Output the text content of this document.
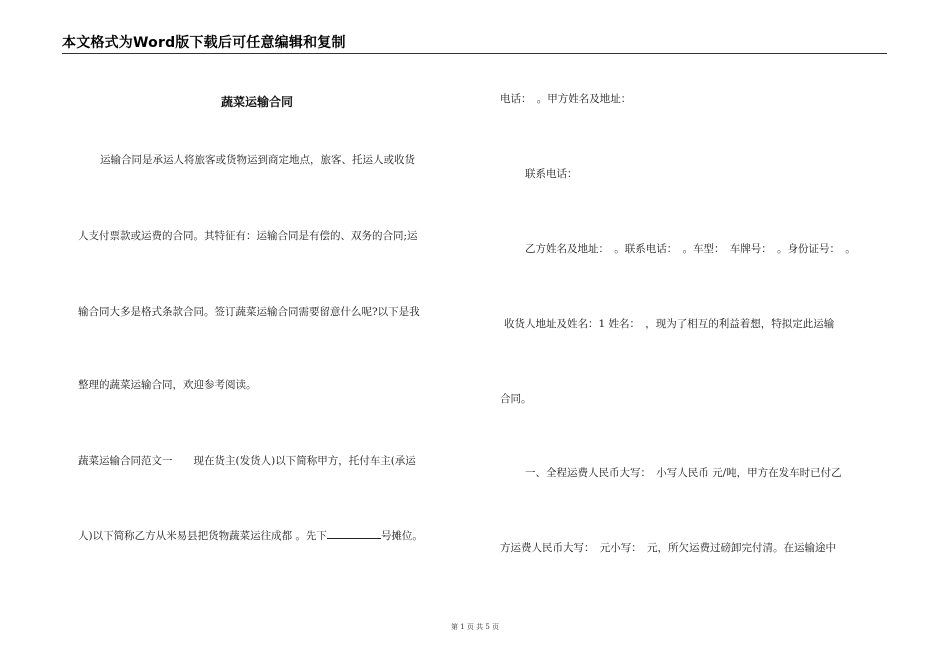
本文格式为Word版下载后可任意编辑和复制
蔬菜运输合同
运输合同是承运人将旅客或货物运到商定地点，旅客、托运人或收货
人支付票款或运费的合同。其特征有：运输合同是有偿的、双务的合同;运
输合同大多是格式条款合同。签订蔬菜运输合同需要留意什么呢?以下是我
整理的蔬菜运输合同，欢迎参考阅读。
蔬菜运输合同范文一　　现在货主(发货人)以下简称甲方，托付车主(承运
人)以下简称乙方从米易县把货物蔬菜运往成都 。先下	号摊位。
电话：　。甲方姓名及地址：
联系电话：
乙方姓名及地址：　。联系电话：　。车型：　车牌号：　。身份证号：　。
收货人地址及姓名：1 姓名：　，现为了相互的利益着想，特拟定此运输
合同。
一、全程运费人民币大写：　小写人民币 元/吨，甲方在发车时已付乙
方运费人民币大写：　元小写：　元，所欠运费过磅卸完付清。在运输途中
第 1 页 共 5 页
